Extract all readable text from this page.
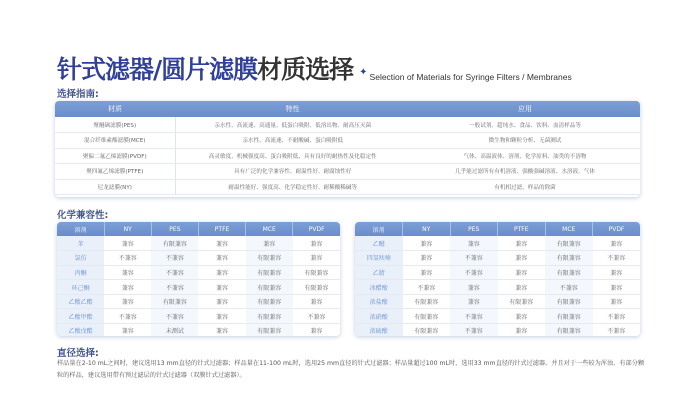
针式滤器/圆片滤膜 材质选择 ✦ Selection of Materials for Syringe Filters / Membranes
选择指南:
材质	特性	应用
聚醚砜滤膜(PES)	亲水性、高流速、高通量、低蛋白吸附、低溶出物、耐高压灭菌	一般试剂、超纯水、食品、饮料、血清样品等
混合纤维素酯滤膜(MCE)	亲水性、高流速、不耐酸碱、蛋白吸附低	微生物和颗粒分析、无菌测试
聚偏二氟乙烯滤膜(PVDF)	高灵敏度、机械强度高、蛋白吸附低、具有良好的耐热性及化稳定性	气体、高温液体、溶剂、化学原料、油类的不溶物
聚四氟乙烯滤膜(PTFE)	具有广泛的化学兼容性、耐温性好、耐腐蚀性好	几乎能过滤所有有机溶液、强酸强碱溶液、水溶液、气体
尼龙滤膜(NY)	耐温性能好、强度高、化学稳定性好、耐稀酸稀碱等	有机相过滤，样品的除菌
化学兼容性:
溶剂	NY	PES	PTFE	MCE	PVDF
苯	兼容	有限兼容	兼容	兼容	兼容
氯仿	不兼容	不兼容	兼容	有限兼容	兼容
丙酮	兼容	不兼容	兼容	有限兼容	有限兼容
环己酮	兼容	不兼容	兼容	有限兼容	有限兼容
乙酸乙酯	兼容	有限兼容	兼容	有限兼容	兼容
乙酸甲酯	不兼容	不兼容	兼容	有限兼容	不兼容
乙酸戊酯	兼容	未测试	兼容	有限兼容	兼容
溶剂	NY	PES	PTFE	MCE	PVDF
乙醚	兼容	兼容	兼容	有限兼容	兼容
四氢呋喃	兼容	不兼容	兼容	有限兼容	不兼容
乙腈	兼容	不兼容	兼容	有限兼容	兼容
冰醋酸	不兼容	兼容	兼容	不兼容	兼容
浓盐酸	有限兼容	兼容	有限兼容	有限兼容	兼容
浓硝酸	有限兼容	不兼容	兼容	有限兼容	不兼容
浓硫酸	有限兼容	不兼容	兼容	有限兼容	不兼容
直径选择:
样品量在2-10 mL之间时，建议选用13 mm直径的针式过滤器；样品量在11-100 mL时，选用25 mm直径的针式过滤器；样品量超过100 mL时，选用33 mm直径的针式过滤器。并且对于一些较为浑浊、有部分颗粒的样品，建议选用带有预过滤层的针式过滤器（双膜针式过滤器）。
